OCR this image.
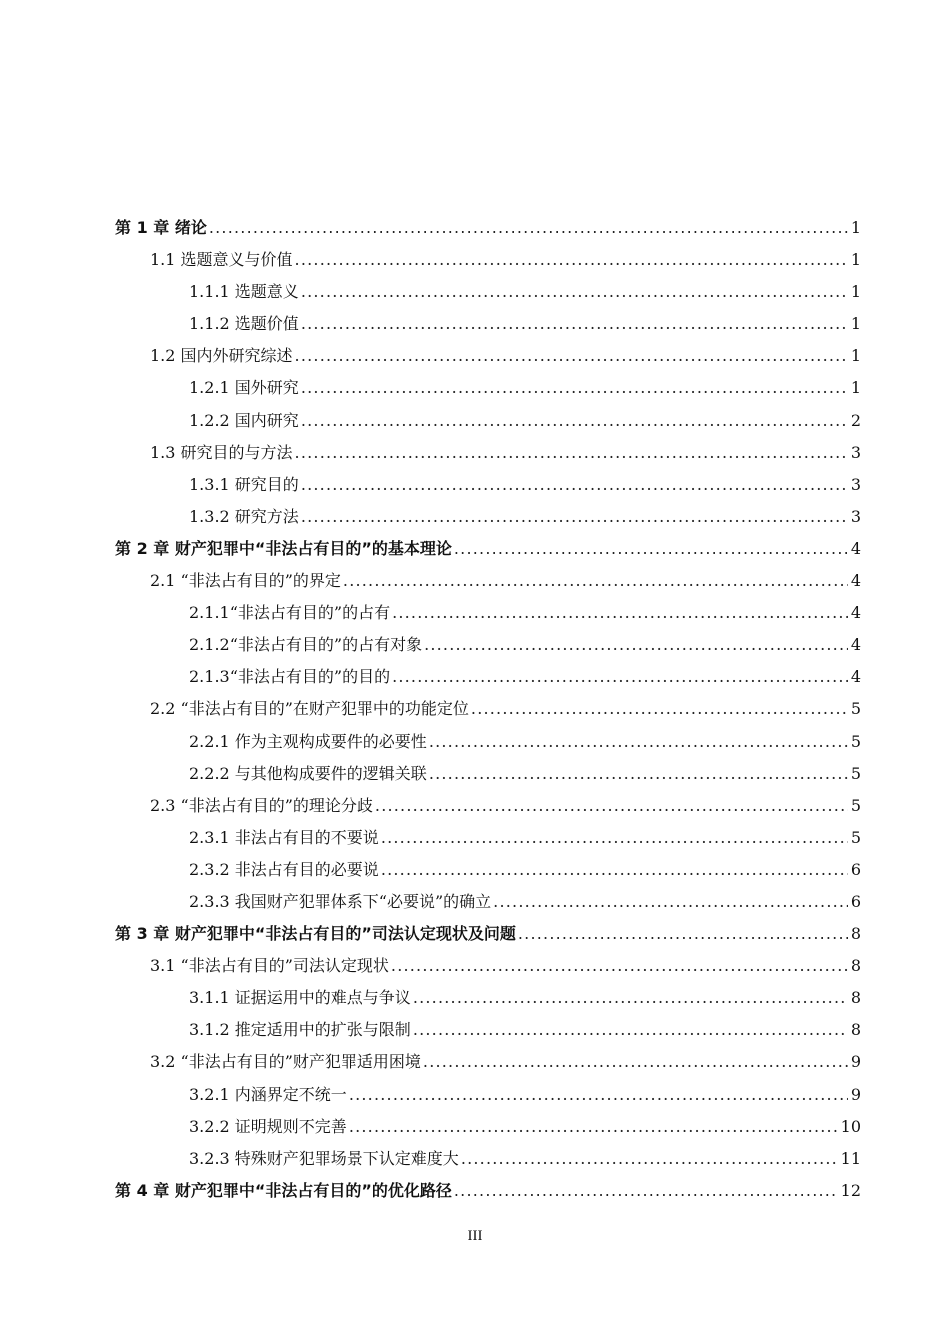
第 1 章 绪论 .....	1
1.1 选题意义与价值 .....	1
1.1.1 选题意义 .....	1
1.1.2 选题价值 .....	1
1.2 国内外研究综述 .....	1
1.2.1 国外研究 .....	1
1.2.2 国内研究 .....	2
1.3 研究目的与方法 .....	3
1.3.1 研究目的 .....	3
1.3.2 研究方法 .....	3
第 2 章 财产犯罪中“非法占有目的”的基本理论 .....	4
2.1 “非法占有目的”的界定 .....	4
2.1.1“非法占有目的”的占有 .....	4
2.1.2“非法占有目的”的占有对象 .....	4
2.1.3“非法占有目的”的目的 .....	4
2.2 “非法占有目的”在财产犯罪中的功能定位 .....	5
2.2.1 作为主观构成要件的必要性 .....	5
2.2.2 与其他构成要件的逻辑关联 .....	5
2.3 “非法占有目的”的理论分歧 .....	5
2.3.1 非法占有目的不要说 .....	5
2.3.2 非法占有目的必要说 .....	6
2.3.3 我国财产犯罪体系下“必要说”的确立 .....	6
第 3 章 财产犯罪中“非法占有目的”司法认定现状及问题 .....	8
3.1 “非法占有目的”司法认定现状 .....	8
3.1.1 证据运用中的难点与争议 .....	8
3.1.2 推定适用中的扩张与限制 .....	8
3.2 “非法占有目的”财产犯罪适用困境 .....	9
3.2.1 内涵界定不统一 .....	9
3.2.2 证明规则不完善 .....	10
3.2.3 特殊财产犯罪场景下认定难度大 .....	11
第 4 章 财产犯罪中“非法占有目的”的优化路径 .....	12
III
